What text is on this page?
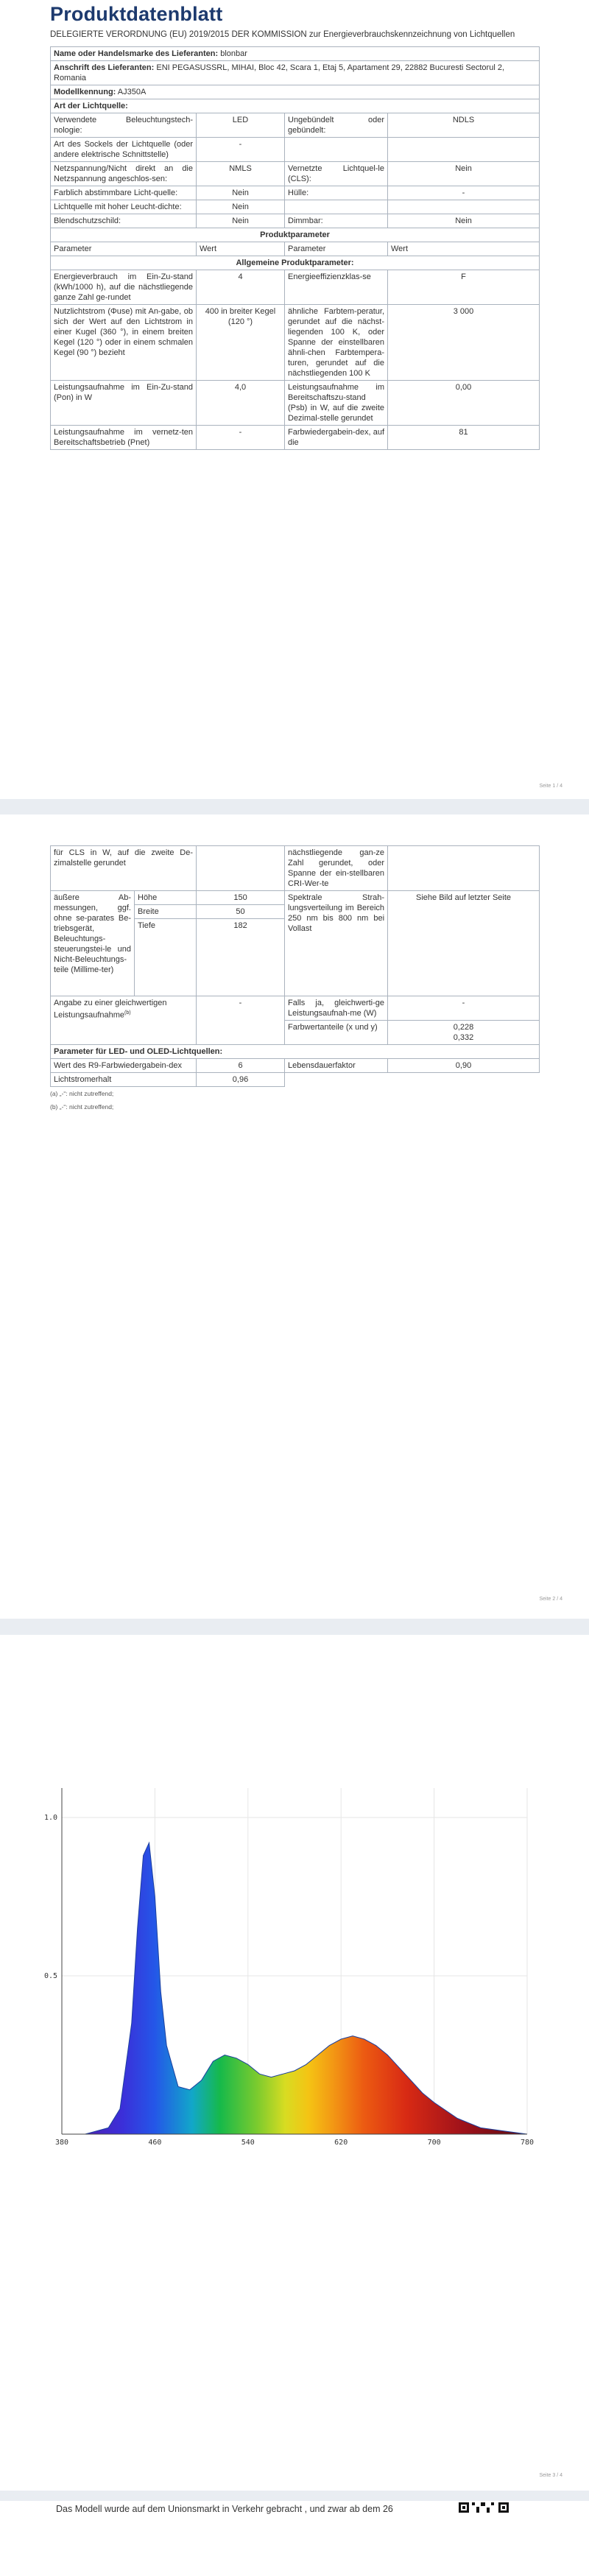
Produktdatenblatt
DELEGIERTE VERORDNUNG (EU) 2019/2015 DER KOMMISSION zur Energieverbrauchskennzeichnung von Lichtquellen
Name oder Handelsmarke des Lieferanten: blonbar			
Anschrift des Lieferanten: ENI PEGASUSSRL, MIHAI, Bloc 42, Scara 1, Etaj 5, Apartament 29, 22882 Bucuresti Sectorul 2, Romania			
Modellkennung: AJ350A			
Art der Lichtquelle:			
Verwendete Beleuchtungstech-nologie:	LED	Ungebündelt oder gebündelt:	NDLS
Art des Sockels der Lichtquelle (oder andere elektrische Schnittstelle)	-		
Netzspannung/Nicht direkt an die Netzspannung angeschlos-sen:	NMLS	Vernetzte Lichtquel-le (CLS):	Nein
Farblich abstimmbare Licht-quelle:	Nein	Hülle:	-
Lichtquelle mit hoher Leucht-dichte:	Nein		
Blendschutzschild:	Nein	Dimmbar:	Nein
Produktparameter			
Parameter	Wert	Parameter	Wert
Allgemeine Produktparameter:			
Energieverbrauch im Ein-Zu-stand (kWh/1000 h), auf die nächstliegende ganze Zahl ge-rundet	4	Energieeffizienzklas-se	F
Nutzlichtstrom (Φuse) mit An-gabe, ob sich der Wert auf den Lichtstrom in einer Kugel (360 °), in einem breiten Kegel (120 °) oder in einem schmalen Kegel (90 °) bezieht	400 in breiter Kegel (120 °)	ähnliche Farbtem-peratur, gerundet auf die nächst-liegenden 100 K, oder Spanne der einstellbaren ähnli-chen Farbtempera-turen, gerundet auf die nächstliegenden 100 K	3 000
Leistungsaufnahme im Ein-Zu-stand (Pon) in W	4,0	Leistungsaufnahme im Bereitschaftszu-stand (Psb) in W, auf die zweite Dezimal-stelle gerundet	0,00
Leistungsaufnahme im vernetz-ten Bereitschaftsbetrieb (Pnet)	-	Farbwiedergabein-dex, auf die	81
Seite 1 / 4
für CLS in W, auf die zweite De-zimalstelle gerundet			nächstliegende gan-ze Zahl gerundet, oder Spanne der ein-stellbaren CRI-Wer-te	
äußere Ab-messungen, ggf. ohne se-parates Be-triebsgerät, Beleuchtungs-steuerungstei-le und Nicht-Beleuchtungs-teile (Millime-ter)	Höhe	150	Spektrale Strah-lungsverteilung im Bereich 250 nm bis 800 nm bei Vollast	Siehe Bild auf letzter Seite
	Breite	50		
	Tiefe	182		
Angabe zu einer gleichwertigen Leistungsaufnahme$^{(b)}$		-	Falls ja, gleichwerti-ge Leistungsaufnah-me (W)	-
			Farbwertanteile (x und y)	0,228
0,332

Parameter für LED- und OLED-Lichtquellen:				
Wert des R9-Farbwiedergabein-dex		6	Lebensdauerfaktor	0,90
Lichtstromerhalt		0,96		
(a) „-“: nicht zutreffend;
(b) „-“: nicht zutreffend;
Seite 2 / 4
380	460	540	620	700	780
1.0
0.5
Seite 3 / 4
Das Modell wurde auf dem Unionsmarkt in Verkehr gebracht , und zwar ab dem 26
